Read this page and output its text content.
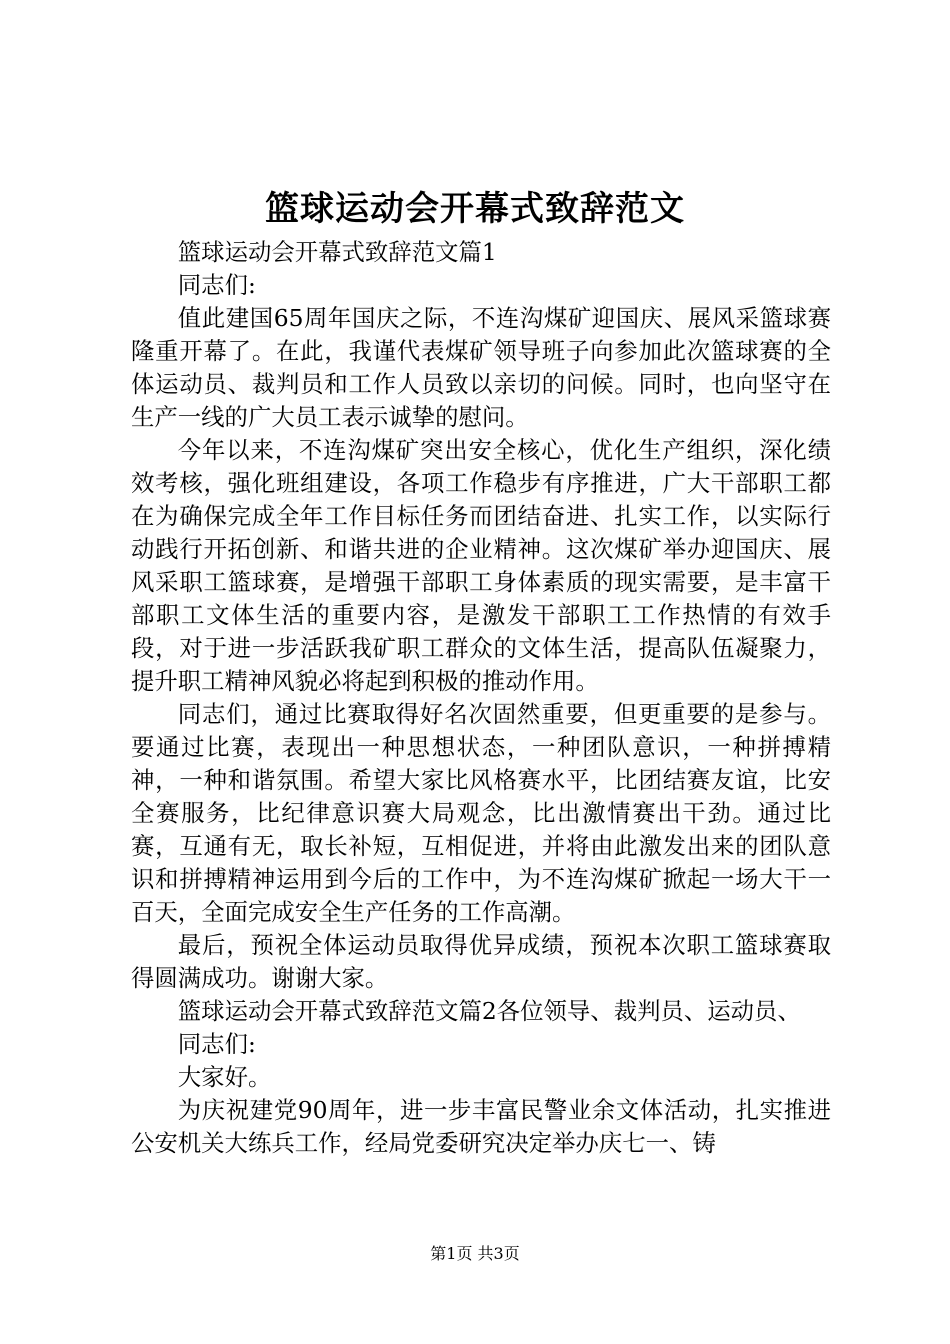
篮球运动会开幕式致辞范文

篮球运动会开幕式致辞范文篇1

同志们:

值此建国65周年国庆之际，不连沟煤矿迎国庆、展风采篮球赛隆重开幕了。在此，我谨代表煤矿领导班子向参加此次篮球赛的全体运动员、裁判员和工作人员致以亲切的问候。同时，也向坚守在生产一线的广大员工表示诚挚的慰问。

今年以来，不连沟煤矿突出安全核心，优化生产组织，深化绩效考核，强化班组建设，各项工作稳步有序推进，广大干部职工都在为确保完成全年工作目标任务而团结奋进、扎实工作，以实际行动践行开拓创新、和谐共进的企业精神。这次煤矿举办迎国庆、展风采职工篮球赛，是增强干部职工身体素质的现实需要，是丰富干部职工文体生活的重要内容，是激发干部职工工作热情的有效手段，对于进一步活跃我矿职工群众的文体生活，提高队伍凝聚力，提升职工精神风貌必将起到积极的推动作用。

同志们，通过比赛取得好名次固然重要，但更重要的是参与。要通过比赛，表现出一种思想状态，一种团队意识，一种拼搏精神，一种和谐氛围。希望大家比风格赛水平，比团结赛友谊，比安全赛服务，比纪律意识赛大局观念，比出激情赛出干劲。通过比赛，互通有无，取长补短，互相促进，并将由此激发出来的团队意识和拼搏精神运用到今后的工作中，为不连沟煤矿掀起一场大干一百天，全面完成安全生产任务的工作高潮。

最后，预祝全体运动员取得优异成绩，预祝本次职工篮球赛取得圆满成功。谢谢大家。

篮球运动会开幕式致辞范文篇2各位领导、裁判员、运动员、

同志们:

大家好。

为庆祝建党90周年，进一步丰富民警业余文体活动，扎实推进公安机关大练兵工作，经局党委研究决定举办庆七一、铸

第1页 共3页
